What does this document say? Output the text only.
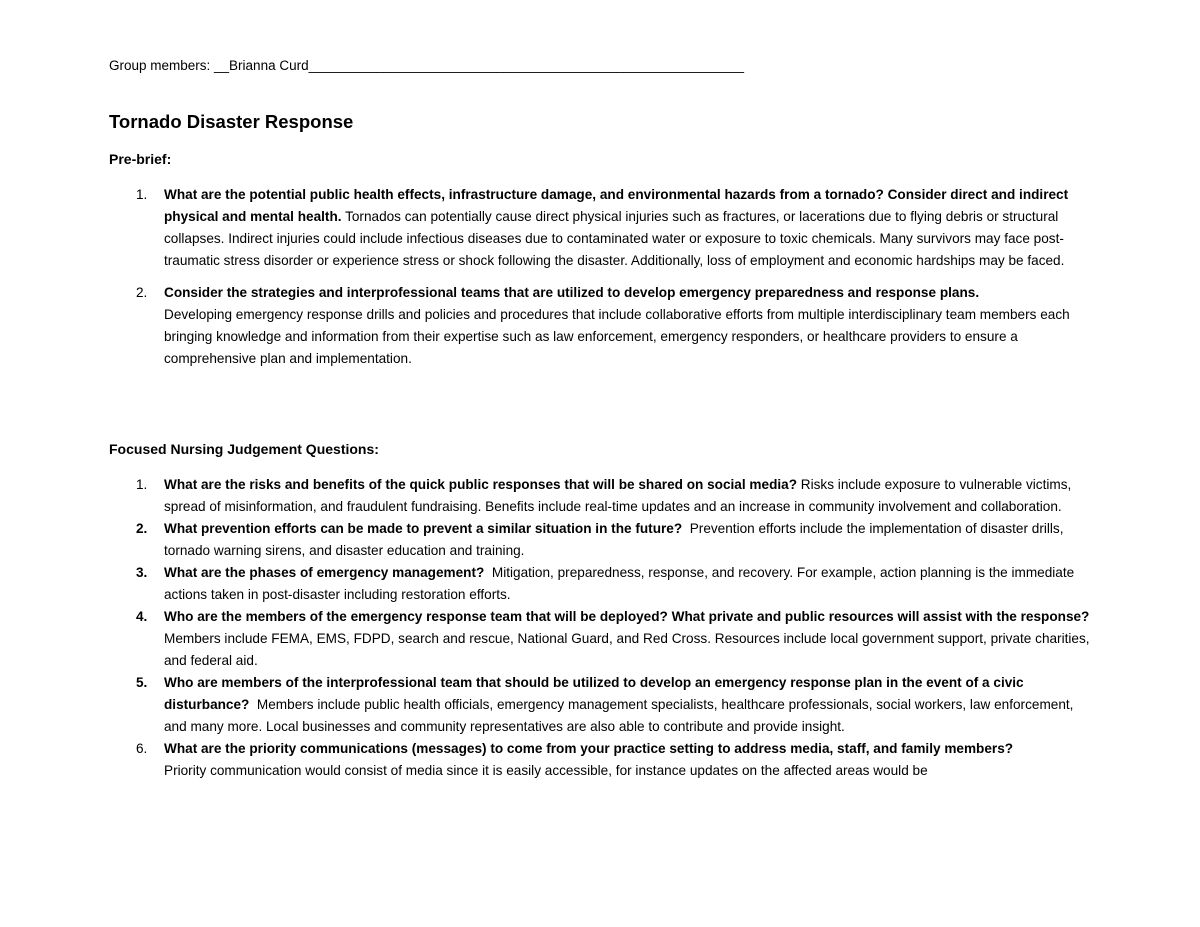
Group members: __Brianna Curd__________________________________________________________
Tornado Disaster Response
Pre-brief:
1. What are the potential public health effects, infrastructure damage, and environmental hazards from a tornado? Consider direct and indirect physical and mental health. Tornados can potentially cause direct physical injuries such as fractures, or lacerations due to flying debris or structural collapses. Indirect injuries could include infectious diseases due to contaminated water or exposure to toxic chemicals. Many survivors may face post-traumatic stress disorder or experience stress or shock following the disaster. Additionally, loss of employment and economic hardships may be faced.
2. Consider the strategies and interprofessional teams that are utilized to develop emergency preparedness and response plans.
Developing emergency response drills and policies and procedures that include collaborative efforts from multiple interdisciplinary team members each bringing knowledge and information from their expertise such as law enforcement, emergency responders, or healthcare providers to ensure a comprehensive plan and implementation.
Focused Nursing Judgement Questions:
1. What are the risks and benefits of the quick public responses that will be shared on social media? Risks include exposure to vulnerable victims, spread of misinformation, and fraudulent fundraising. Benefits include real-time updates and an increase in community involvement and collaboration.
2. What prevention efforts can be made to prevent a similar situation in the future? Prevention efforts include the implementation of disaster drills, tornado warning sirens, and disaster education and training.
3. What are the phases of emergency management? Mitigation, preparedness, response, and recovery. For example, action planning is the immediate actions taken in post-disaster including restoration efforts.
4. Who are the members of the emergency response team that will be deployed? What private and public resources will assist with the response?  Members include FEMA, EMS, FDPD, search and rescue, National Guard, and Red Cross. Resources include local government support, private charities, and federal aid.
5. Who are members of the interprofessional team that should be utilized to develop an emergency response plan in the event of a civic disturbance? Members include public health officials, emergency management specialists, healthcare professionals, social workers, law enforcement, and many more. Local businesses and community representatives are also able to contribute and provide insight.
6. What are the priority communications (messages) to come from your practice setting to address media, staff, and family members?
Priority communication would consist of media since it is easily accessible, for instance updates on the affected areas would be
